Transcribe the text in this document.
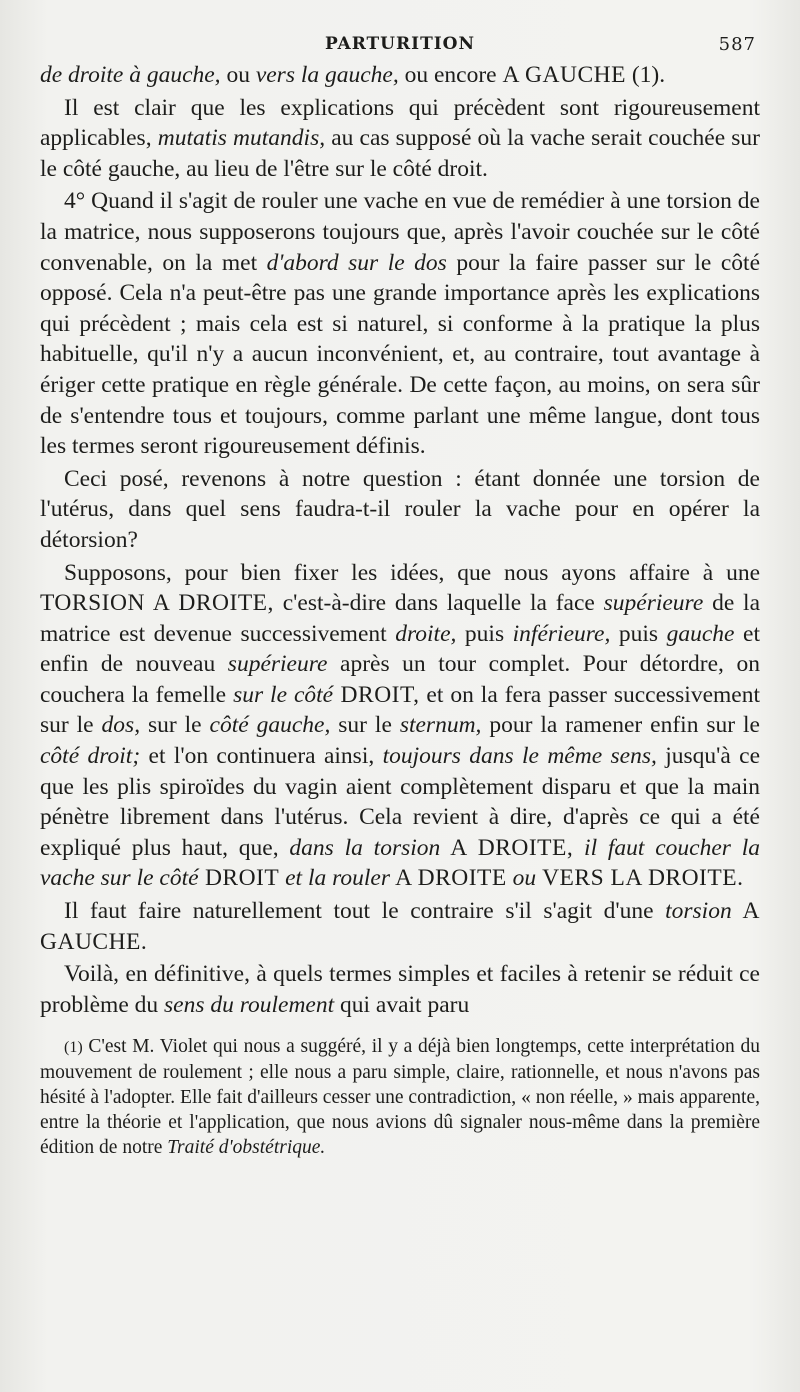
PARTURITION	587

de droite à gauche, ou vers la gauche, ou encore A GAUCHE (1).

Il est clair que les explications qui précèdent sont rigoureusement applicables, mutatis mutandis, au cas supposé où la vache serait couchée sur le côté gauche, au lieu de l'être sur le côté droit.

4° Quand il s'agit de rouler une vache en vue de remédier à une torsion de la matrice, nous supposerons toujours que, après l'avoir couchée sur le côté convenable, on la met d'abord sur le dos pour la faire passer sur le côté opposé. Cela n'a peut-être pas une grande importance après les explications qui précèdent ; mais cela est si naturel, si conforme à la pratique la plus habituelle, qu'il n'y a aucun inconvénient, et, au contraire, tout avantage à ériger cette pratique en règle générale. De cette façon, au moins, on sera sûr de s'entendre tous et toujours, comme parlant une même langue, dont tous les termes seront rigoureusement définis.

Ceci posé, revenons à notre question : étant donnée une torsion de l'utérus, dans quel sens faudra-t-il rouler la vache pour en opérer la détorsion?

Supposons, pour bien fixer les idées, que nous ayons affaire à une TORSION A DROITE, c'est-à-dire dans laquelle la face supérieure de la matrice est devenue successivement droite, puis inférieure, puis gauche et enfin de nouveau supérieure après un tour complet. Pour détordre, on couchera la femelle sur le côté DROIT, et on la fera passer successivement sur le dos, sur le côté gauche, sur le sternum, pour la ramener enfin sur le côté droit; et l'on continuera ainsi, toujours dans le même sens, jusqu'à ce que les plis spiroïdes du vagin aient complètement disparu et que la main pénètre librement dans l'utérus. Cela revient à dire, d'après ce qui a été expliqué plus haut, que, dans la torsion A DROITE, il faut coucher la vache sur le côté DROIT et la rouler A DROITE ou VERS LA DROITE.

Il faut faire naturellement tout le contraire s'il s'agit d'une torsion A GAUCHE.

Voilà, en définitive, à quels termes simples et faciles à retenir se réduit ce problème du sens du roulement qui avait paru

(1) C'est M. Violet qui nous a suggéré, il y a déjà bien longtemps, cette interprétation du mouvement de roulement ; elle nous a paru simple, claire, rationnelle, et nous n'avons pas hésité à l'adopter. Elle fait d'ailleurs cesser une contradiction, « non réelle, » mais apparente, entre la théorie et l'application, que nous avions dû signaler nous-même dans la première édition de notre Traité d'obstétrique.
